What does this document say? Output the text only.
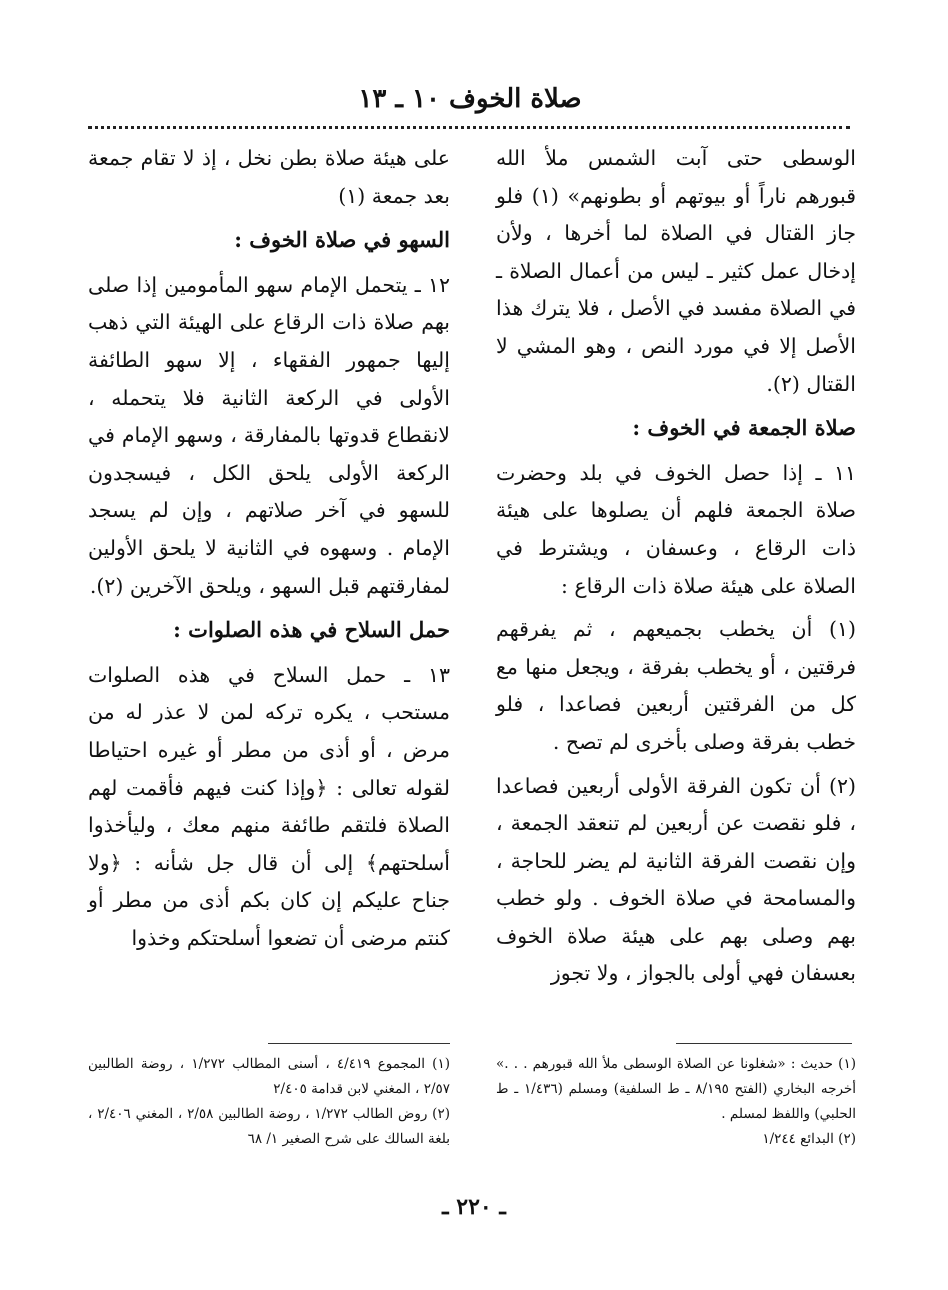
صلاة الخوف ١٠ ـ ١٣

الوسطى حتى آبت الشمس ملأ الله قبورهم ناراً أو بيوتهم أو بطونهم» (١) فلو جاز القتال في الصلاة لما أخرها ، ولأن إدخال عمل كثير ـ ليس من أعمال الصلاة ـ في الصلاة مفسد في الأصل ، فلا يترك هذا الأصل إلا في مورد النص ، وهو المشي لا القتال (٢).

صلاة الجمعة في الخوف :

١١ ـ إذا حصل الخوف في بلد وحضرت صلاة الجمعة فلهم أن يصلوها على هيئة ذات الرقاع ، وعسفان ، ويشترط في الصلاة على هيئة صلاة ذات الرقاع :

(١) أن يخطب بجميعهم ، ثم يفرقهم فرقتين ، أو يخطب بفرقة ، ويجعل منها مع كل من الفرقتين أربعين فصاعدا ، فلو خطب بفرقة وصلى بأخرى لم تصح .

(٢) أن تكون الفرقة الأولى أربعين فصاعدا ، فلو نقصت عن أربعين لم تنعقد الجمعة ، وإن نقصت الفرقة الثانية لم يضر للحاجة ، والمسامحة في صلاة الخوف . ولو خطب بهم وصلى بهم على هيئة صلاة الخوف بعسفان فهي أولى بالجواز ، ولا تجوز

على هيئة صلاة بطن نخل ، إذ لا تقام جمعة بعد جمعة (١)

السهو في صلاة الخوف :

١٢ ـ يتحمل الإمام سهو المأمومين إذا صلى بهم صلاة ذات الرقاع على الهيئة التي ذهب إليها جمهور الفقهاء ، إلا سهو الطائفة الأولى في الركعة الثانية فلا يتحمله ، لانقطاع قدوتها بالمفارقة ، وسهو الإمام في الركعة الأولى يلحق الكل ، فيسجدون للسهو في آخر صلاتهم ، وإن لم يسجد الإمام . وسهوه في الثانية لا يلحق الأولين لمفارقتهم قبل السهو ، ويلحق الآخرين (٢).

حمل السلاح في هذه الصلوات :

١٣ ـ حمل السلاح في هذه الصلوات مستحب ، يكره تركه لمن لا عذر له من مرض ، أو أذى من مطر أو غيره احتياطا لقوله تعالى : ﴿وإذا كنت فيهم فأقمت لهم الصلاة فلتقم طائفة منهم معك ، وليأخذوا أسلحتهم﴾ إلى أن قال جل شأنه : ﴿ولا جناح عليكم إن كان بكم أذى من مطر أو كنتم مرضى أن تضعوا أسلحتكم وخذوا

(١) حديث : «شغلونا عن الصلاة الوسطى ملأ الله قبورهم . . .» أخرجه البخاري (الفتح ٨/١٩٥ ـ ط السلفية) ومسلم (١/٤٣٦ ـ ط الحلبي) واللفظ لمسلم .
(٢) البدائع ١/٢٤٤
(١) المجموع ٤/٤١٩ ، أسنى المطالب ١/٢٧٢ ، روضة الطالبين ٢/٥٧ ، المغني لابن قدامة ٢/٤٠٥
(٢) روض الطالب ١/٢٧٢ ، روضة الطالبين ٢/٥٨ ، المغني ٢/٤٠٦ ، بلغة السالك على شرح الصغير ١/ ٦٨
ـ ٢٢٠ ـ
